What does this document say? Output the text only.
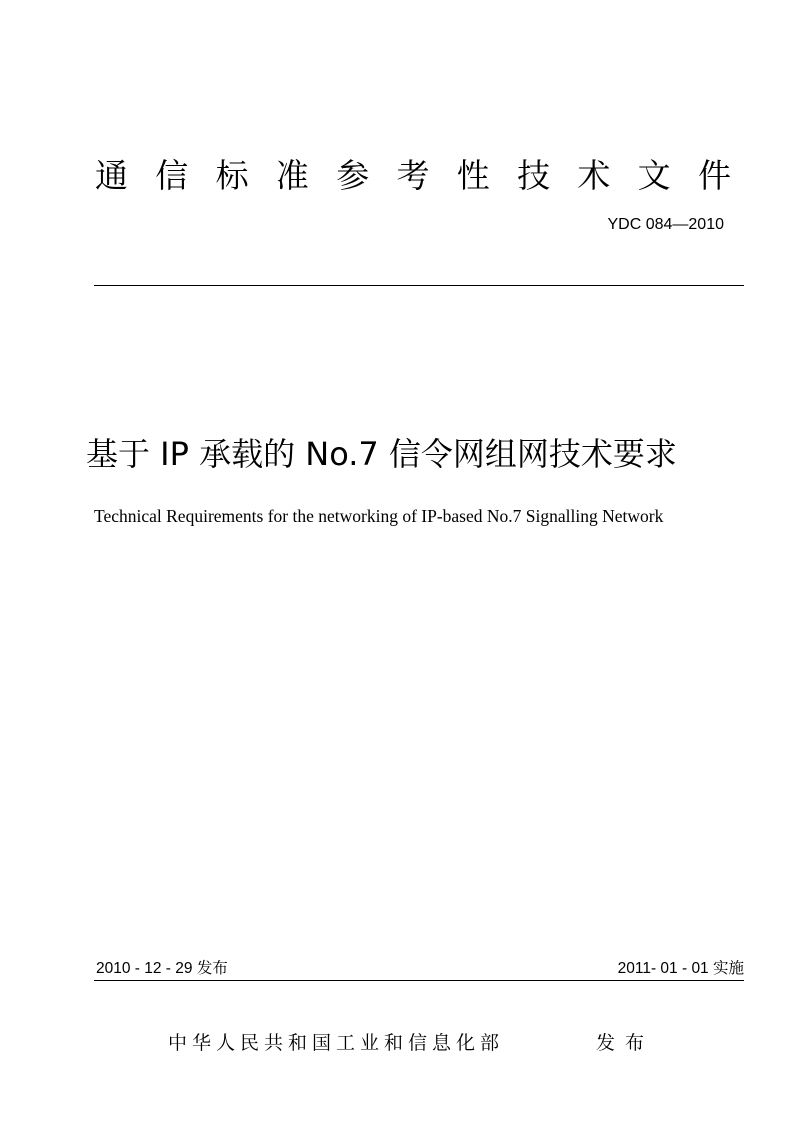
通 信 标 准 参 考 性 技 术 文 件
YDC 084—2010
基于 IP 承载的 No.7 信令网组网技术要求
Technical Requirements for the networking of IP-based No.7 Signalling Network
2010 - 12 - 29 发布	2011- 01 - 01 实施
中华人民共和国工业和信息化部	发布
